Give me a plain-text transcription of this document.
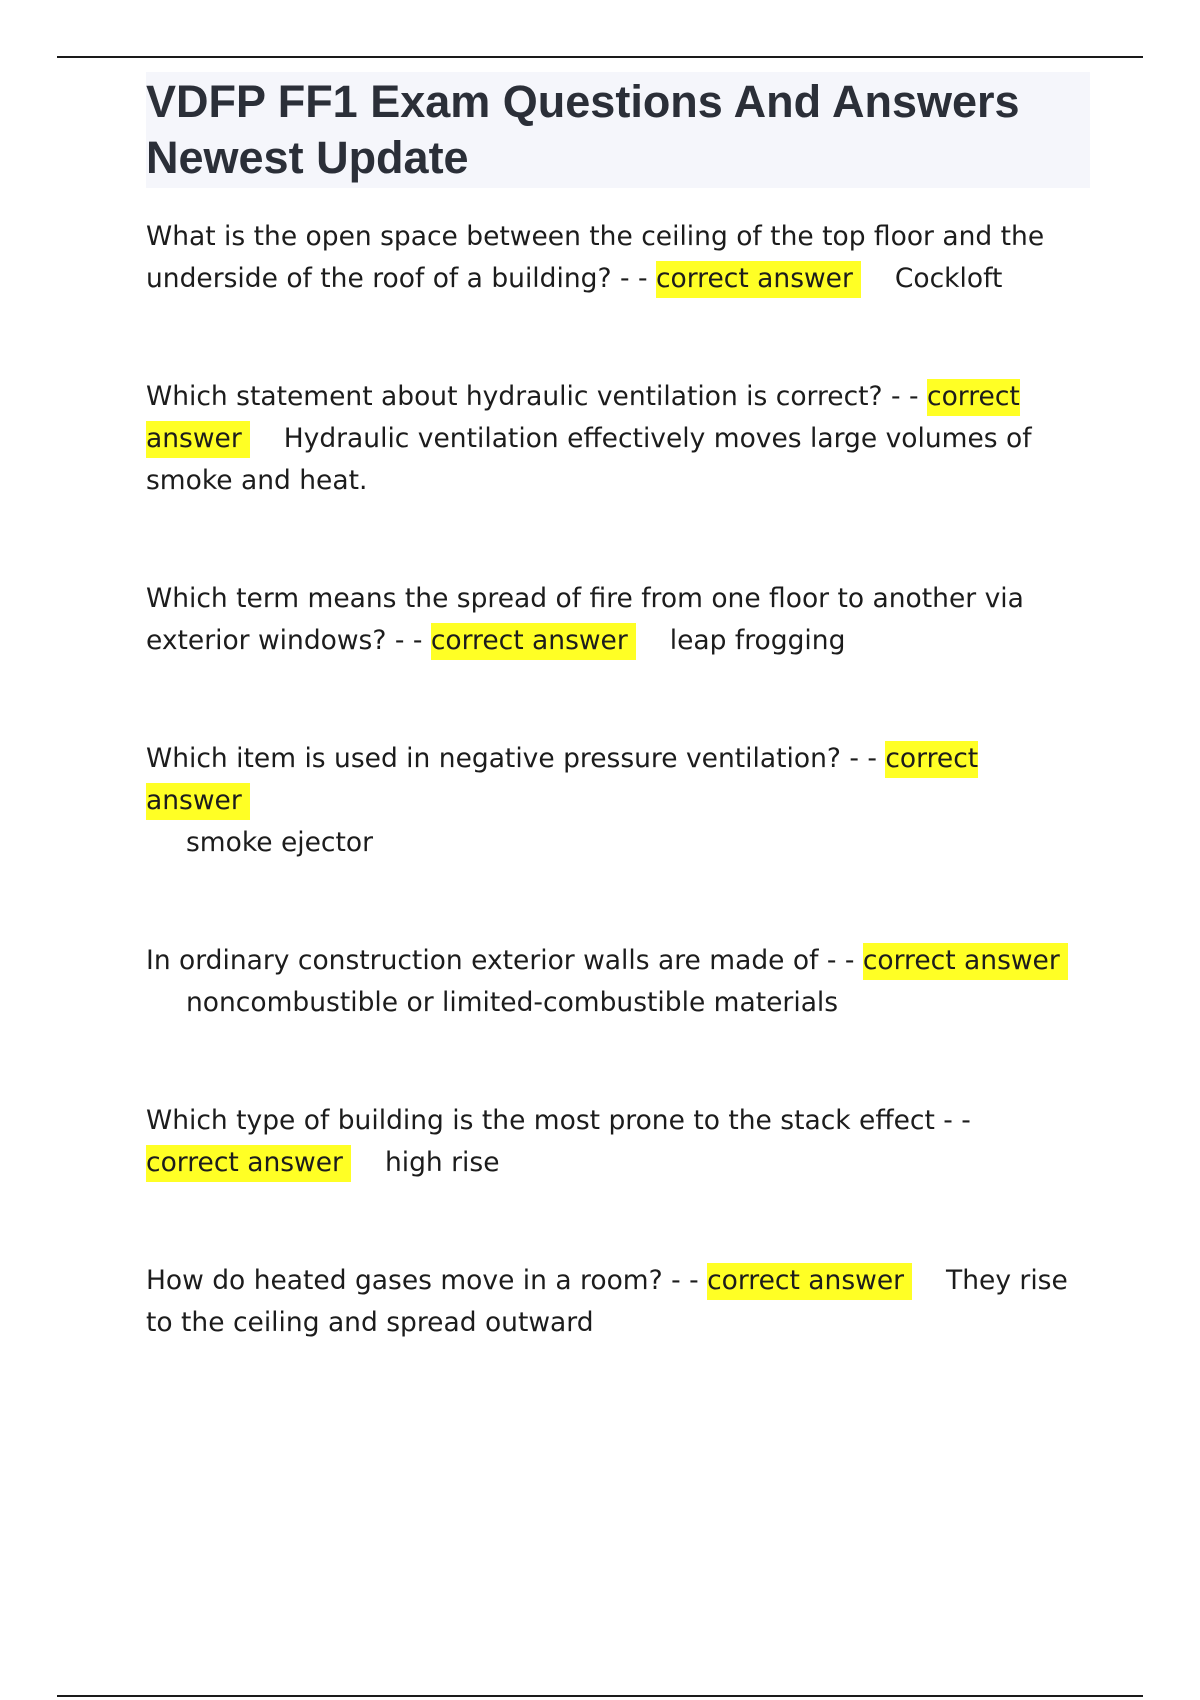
VDFP FF1 Exam Questions And Answers Newest Update

What is the open space between the ceiling of the top floor and the underside of the roof of a building? - - correct answer Cockloft

Which statement about hydraulic ventilation is correct? - - correct answer Hydraulic ventilation effectively moves large volumes of smoke and heat.

Which term means the spread of fire from one floor to another via exterior windows? - - correct answer leap frogging

Which item is used in negative pressure ventilation? - - correct answer
smoke ejector

In ordinary construction exterior walls are made of - - correct answer
noncombustible or limited-combustible materials

Which type of building is the most prone to the stack effect - - correct answer high rise

How do heated gases move in a room? - - correct answer They rise to the ceiling and spread outward
